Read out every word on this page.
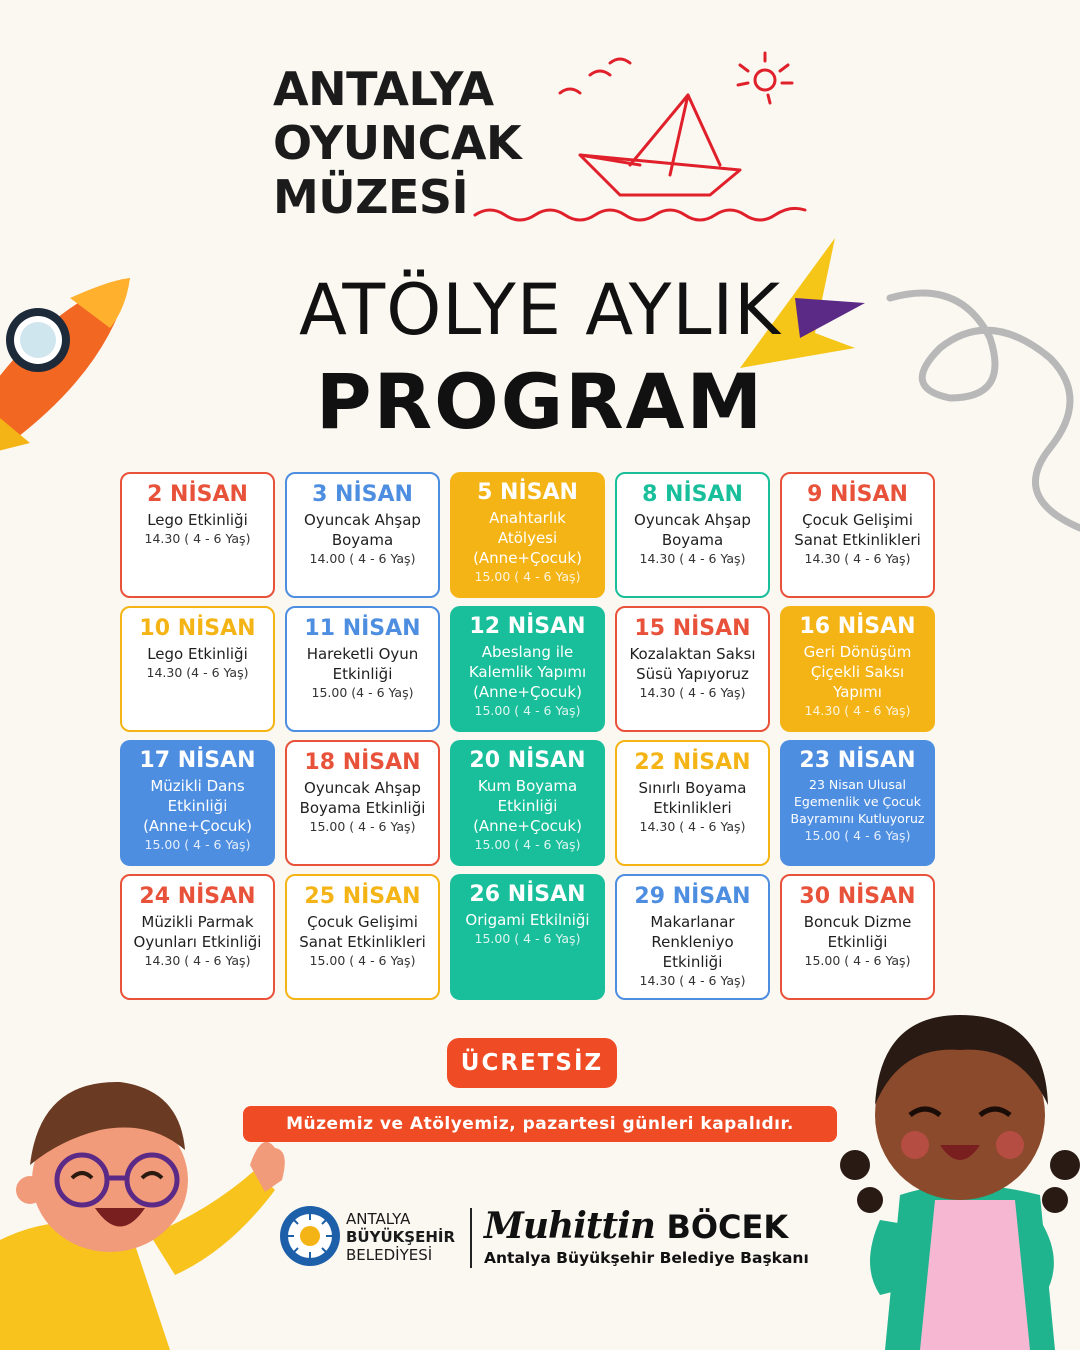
ANTALYA
OYUNCAK
MÜZESİ
ATÖLYE AYLIK
PROGRAM
2 NİSAN
Lego Etkinliği
14.30 ( 4 - 6 Yaş)
3 NİSAN
Oyuncak Ahşap
Boyama
14.00 ( 4 - 6 Yaş)
5 NİSAN
Anahtarlık
Atölyesi
(Anne+Çocuk)
15.00 ( 4 - 6 Yaş)
8 NİSAN
Oyuncak Ahşap
Boyama
14.30 ( 4 - 6 Yaş)
9 NİSAN
Çocuk Gelişimi
Sanat Etkinlikleri
14.30 ( 4 - 6 Yaş)
10 NİSAN
Lego Etkinliği
14.30 (4 - 6 Yaş)
11 NİSAN
Hareketli Oyun
Etkinliği
15.00 (4 - 6 Yaş)
12 NİSAN
Abeslang ile
Kalemlik Yapımı
(Anne+Çocuk)
15.00 ( 4 - 6 Yaş)
15 NİSAN
Kozalaktan Saksı
Süsü Yapıyoruz
14.30 ( 4 - 6 Yaş)
16 NİSAN
Geri Dönüşüm
Çiçekli Saksı
Yapımı
14.30 ( 4 - 6 Yaş)
17 NİSAN
Müzikli Dans
Etkinliği
(Anne+Çocuk)
15.00 ( 4 - 6 Yaş)
18 NİSAN
Oyuncak Ahşap
Boyama Etkinliği
15.00 ( 4 - 6 Yaş)
20 NİSAN
Kum Boyama
Etkinliği
(Anne+Çocuk)
15.00 ( 4 - 6 Yaş)
22 NİSAN
Sınırlı Boyama
Etkinlikleri
14.30 ( 4 - 6 Yaş)
23 NİSAN
23 Nisan Ulusal
Egemenlik ve Çocuk
Bayramını Kutluyoruz
15.00 ( 4 - 6 Yaş)
24 NİSAN
Müzikli Parmak
Oyunları Etkinliği
14.30 ( 4 - 6 Yaş)
25 NİSAN
Çocuk Gelişimi
Sanat Etkinlikleri
15.00 ( 4 - 6 Yaş)
26 NİSAN
Origami Etkilniği
15.00 ( 4 - 6 Yaş)
29 NİSAN
Makarlanar
Renkleniyo
Etkinliği
14.30 ( 4 - 6 Yaş)
30 NİSAN
Boncuk Dizme
Etkinliği
15.00 ( 4 - 6 Yaş)
ÜCRETSİZ
Müzemiz ve Atölyemiz, pazartesi günleri kapalıdır.
ANTALYA
BÜYÜKŞEHİR
BELEDİYESİ
Muhittin BÖCEK
Antalya Büyükşehir Belediye Başkanı
